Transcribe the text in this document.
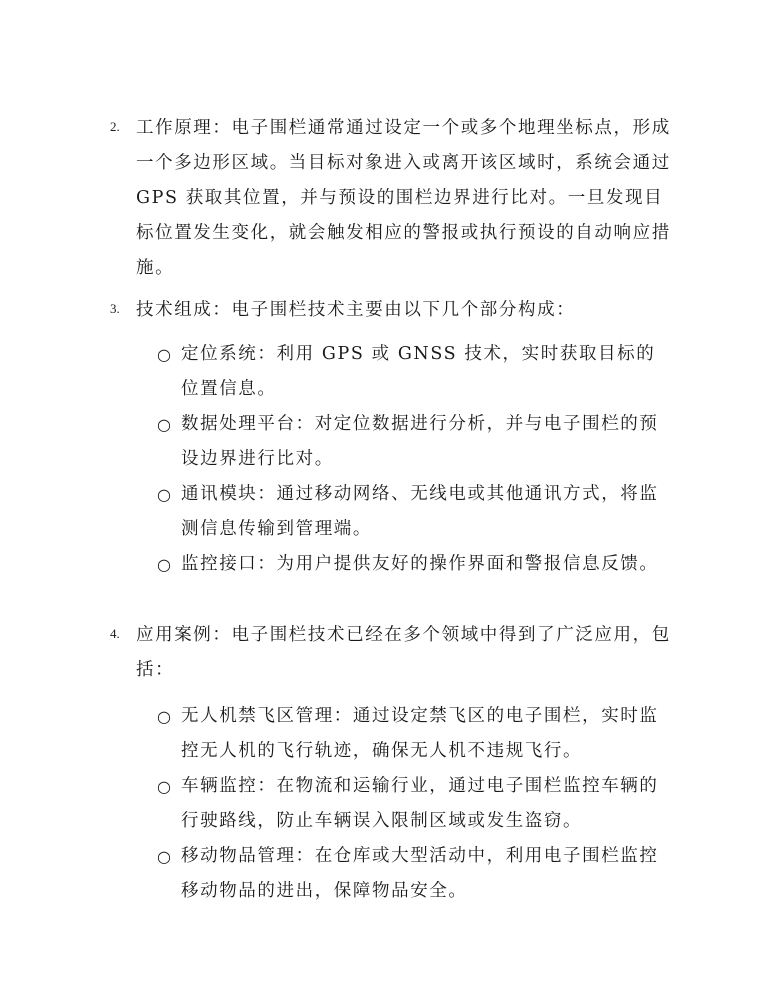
2. 工作原理：电子围栏通常通过设定一个或多个地理坐标点，形成一个多边形区域。当目标对象进入或离开该区域时，系统会通过 GPS 获取其位置，并与预设的围栏边界进行比对。一旦发现目标位置发生变化，就会触发相应的警报或执行预设的自动响应措施。
3. 技术组成：电子围栏技术主要由以下几个部分构成：
○ 定位系统：利用 GPS 或 GNSS 技术，实时获取目标的位置信息。
○ 数据处理平台：对定位数据进行分析，并与电子围栏的预设边界进行比对。
○ 通讯模块：通过移动网络、无线电或其他通讯方式，将监测信息传输到管理端。
○ 监控接口：为用户提供友好的操作界面和警报信息反馈。
4. 应用案例：电子围栏技术已经在多个领域中得到了广泛应用，包括：
○ 无人机禁飞区管理：通过设定禁飞区的电子围栏，实时监控无人机的飞行轨迹，确保无人机不违规飞行。
○ 车辆监控：在物流和运输行业，通过电子围栏监控车辆的行驶路线，防止车辆误入限制区域或发生盗窃。
○ 移动物品管理：在仓库或大型活动中，利用电子围栏监控移动物品的进出，保障物品安全。
